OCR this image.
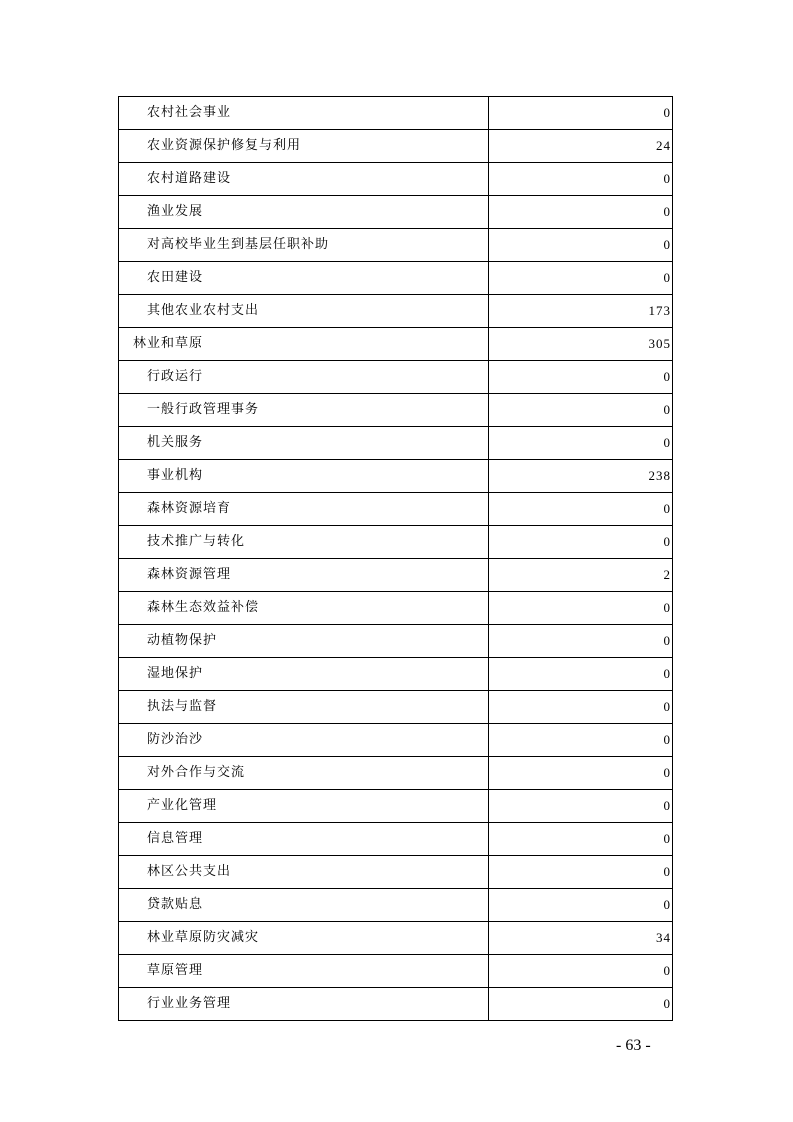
农村社会事业	0
农业资源保护修复与利用	24
农村道路建设	0
渔业发展	0
对高校毕业生到基层任职补助	0
农田建设	0
其他农业农村支出	173
林业和草原	305
行政运行	0
一般行政管理事务	0
机关服务	0
事业机构	238
森林资源培育	0
技术推广与转化	0
森林资源管理	2
森林生态效益补偿	0
动植物保护	0
湿地保护	0
执法与监督	0
防沙治沙	0
对外合作与交流	0
产业化管理	0
信息管理	0
林区公共支出	0
贷款贴息	0
林业草原防灾减灾	34
草原管理	0
行业业务管理	0
- 63 -
